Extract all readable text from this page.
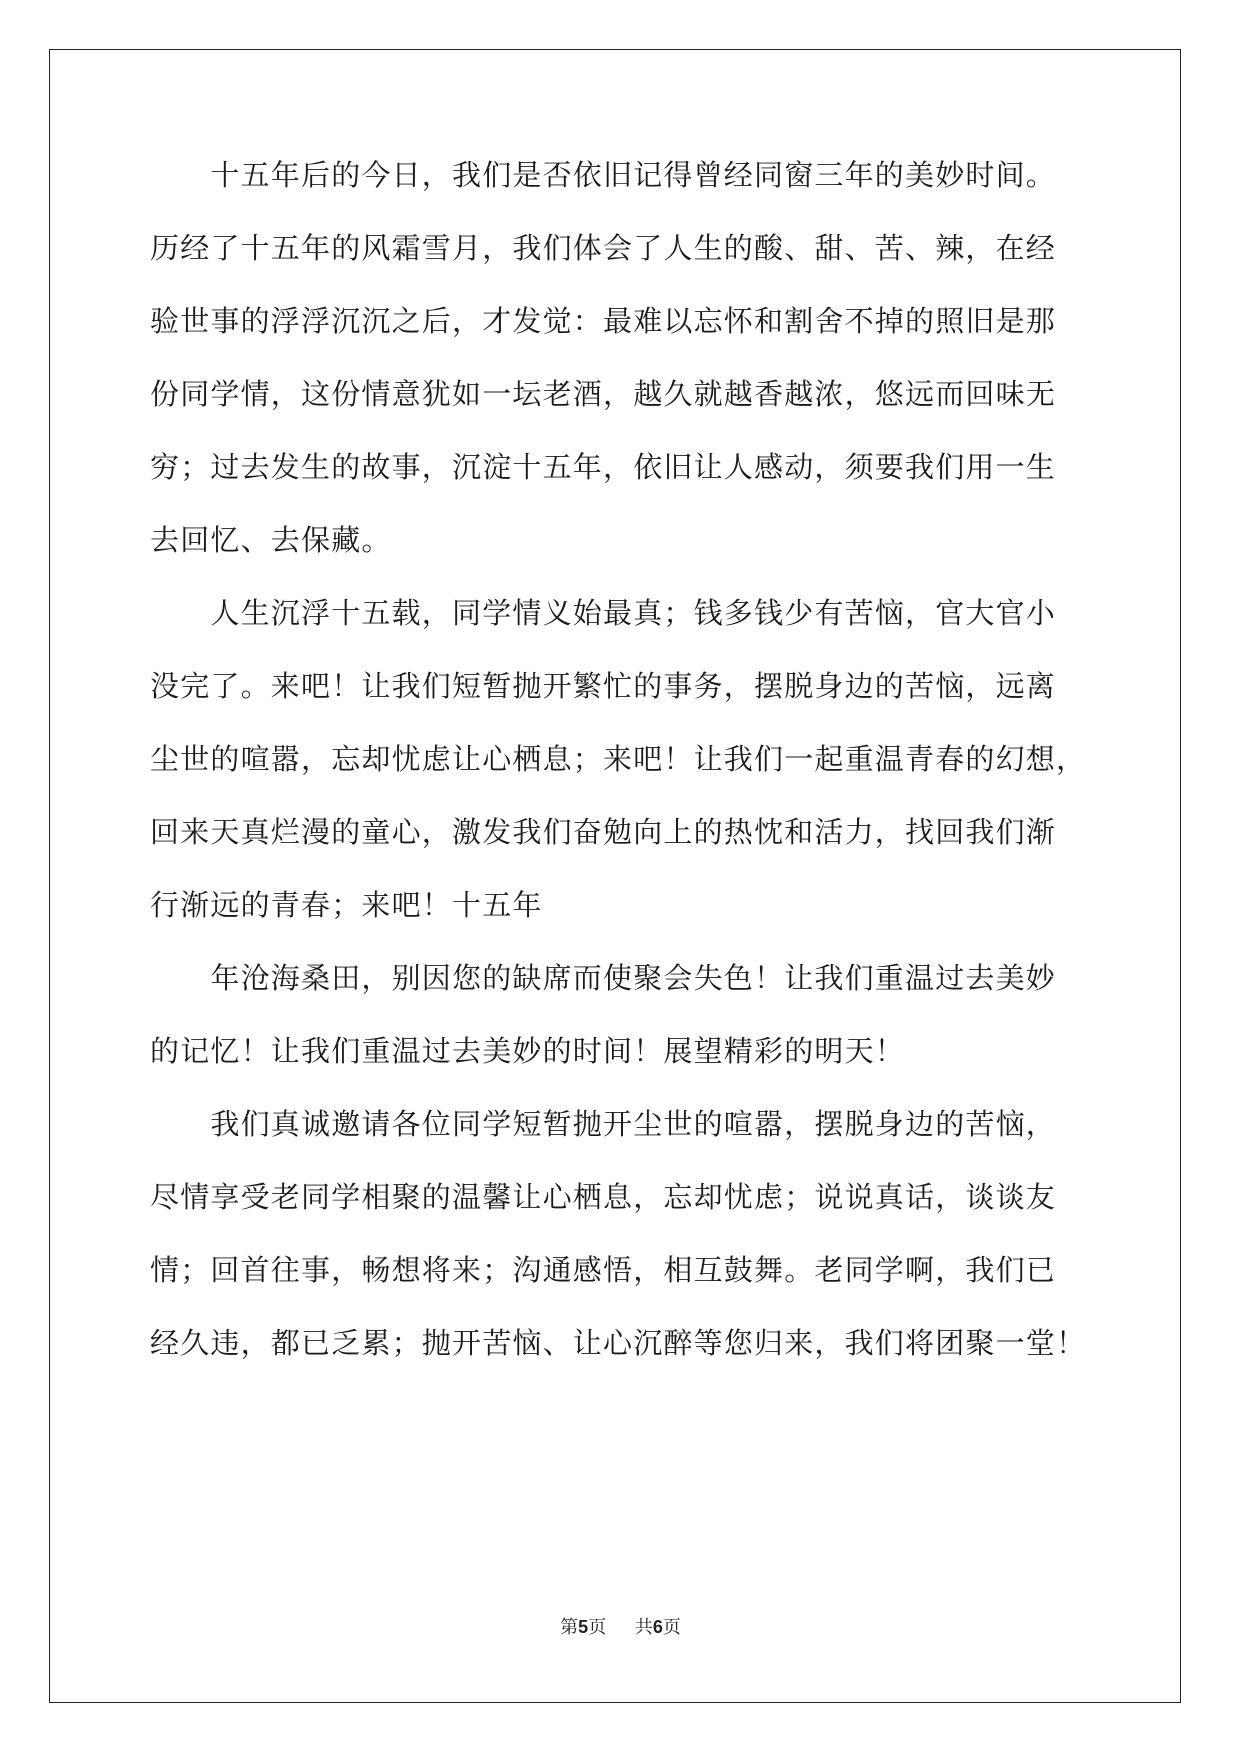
　　十五年后的今日，我们是否依旧记得曾经同窗三年的美妙时间。
历经了十五年的风霜雪月，我们体会了人生的酸、甜、苦、辣，在经
验世事的浮浮沉沉之后，才发觉：最难以忘怀和割舍不掉的照旧是那
份同学情，这份情意犹如一坛老酒，越久就越香越浓，悠远而回味无
穷；过去发生的故事，沉淀十五年，依旧让人感动，须要我们用一生
去回忆、去保藏。
　　人生沉浮十五载，同学情义始最真；钱多钱少有苦恼，官大官小
没完了。来吧！让我们短暂抛开繁忙的事务，摆脱身边的苦恼，远离
尘世的喧嚣，忘却忧虑让心栖息；来吧！让我们一起重温青春的幻想，
回来天真烂漫的童心，激发我们奋勉向上的热忱和活力，找回我们渐
行渐远的青春；来吧！十五年
　　年沧海桑田，别因您的缺席而使聚会失色！让我们重温过去美妙
的记忆！让我们重温过去美妙的时间！展望精彩的明天！
　　我们真诚邀请各位同学短暂抛开尘世的喧嚣，摆脱身边的苦恼，
尽情享受老同学相聚的温馨让心栖息，忘却忧虑；说说真话，谈谈友
情；回首往事，畅想将来；沟通感悟，相互鼓舞。老同学啊，我们已
经久违，都已乏累；抛开苦恼、让心沉醉等您归来，我们将团聚一堂！
第5页 共6页
